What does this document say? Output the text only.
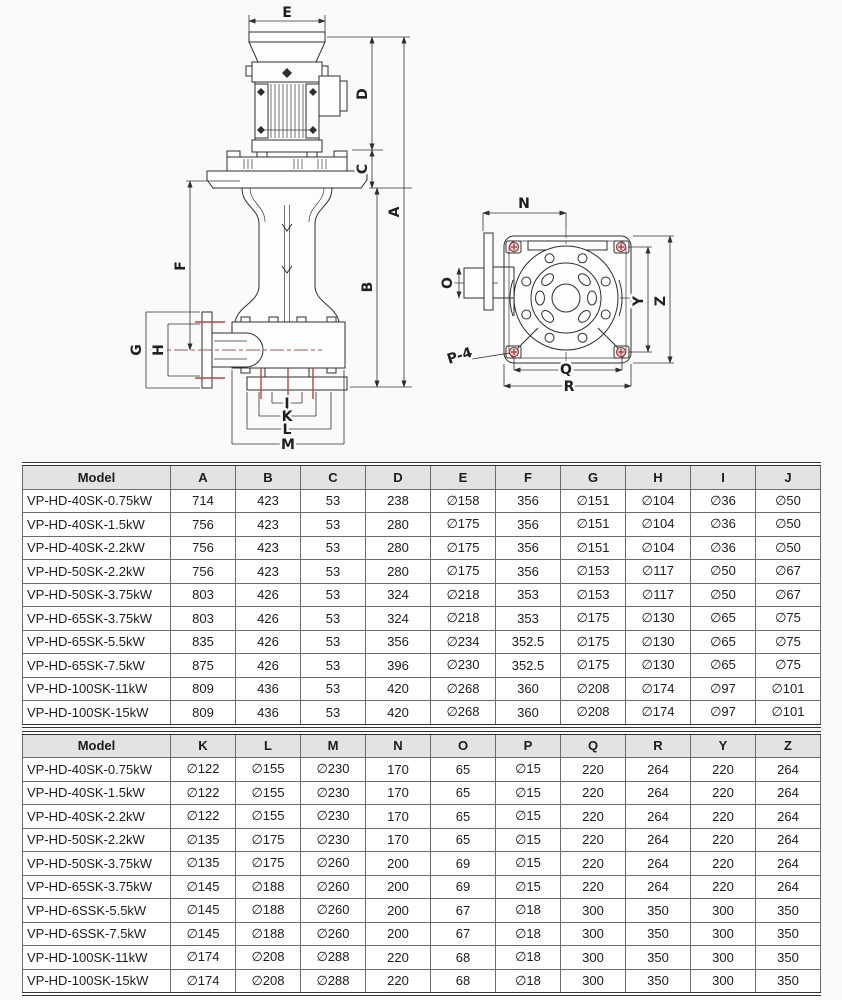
E
D
C
A
B
F
G H
J
K
L
M
N
O
P-4
Q
R
Y Z
Model	A	B	C	D	E	F	G	H	I	J
VP-HD-40SK-0.75kW	714	423	53	238	∅158	356	∅151	∅104	∅36	∅50
VP-HD-40SK-1.5kW	756	423	53	280	∅175	356	∅151	∅104	∅36	∅50
VP-HD-40SK-2.2kW	756	423	53	280	∅175	356	∅151	∅104	∅36	∅50
VP-HD-50SK-2.2kW	756	423	53	280	∅175	356	∅153	∅117	∅50	∅67
VP-HD-50SK-3.75kW	803	426	53	324	∅218	353	∅153	∅117	∅50	∅67
VP-HD-65SK-3.75kW	803	426	53	324	∅218	353	∅175	∅130	∅65	∅75
VP-HD-65SK-5.5kW	835	426	53	356	∅234	352.5	∅175	∅130	∅65	∅75
VP-HD-65SK-7.5kW	875	426	53	396	∅230	352.5	∅175	∅130	∅65	∅75
VP-HD-100SK-11kW	809	436	53	420	∅268	360	∅208	∅174	∅97	∅101
VP-HD-100SK-15kW	809	436	53	420	∅268	360	∅208	∅174	∅97	∅101
Model	K	L	M	N	O	P	Q	R	Y	Z
VP-HD-40SK-0.75kW	∅122	∅155	∅230	170	65	∅15	220	264	220	264
VP-HD-40SK-1.5kW	∅122	∅155	∅230	170	65	∅15	220	264	220	264
VP-HD-40SK-2.2kW	∅122	∅155	∅230	170	65	∅15	220	264	220	264
VP-HD-50SK-2.2kW	∅135	∅175	∅230	170	65	∅15	220	264	220	264
VP-HD-50SK-3.75kW	∅135	∅175	∅260	200	69	∅15	220	264	220	264
VP-HD-65SK-3.75kW	∅145	∅188	∅260	200	69	∅15	220	264	220	264
VP-HD-6SSK-5.5kW	∅145	∅188	∅260	200	67	∅18	300	350	300	350
VP-HD-6SSK-7.5kW	∅145	∅188	∅260	200	67	∅18	300	350	300	350
VP-HD-100SK-11kW	∅174	∅208	∅288	220	68	∅18	300	350	300	350
VP-HD-100SK-15kW	∅174	∅208	∅288	220	68	∅18	300	350	300	350
